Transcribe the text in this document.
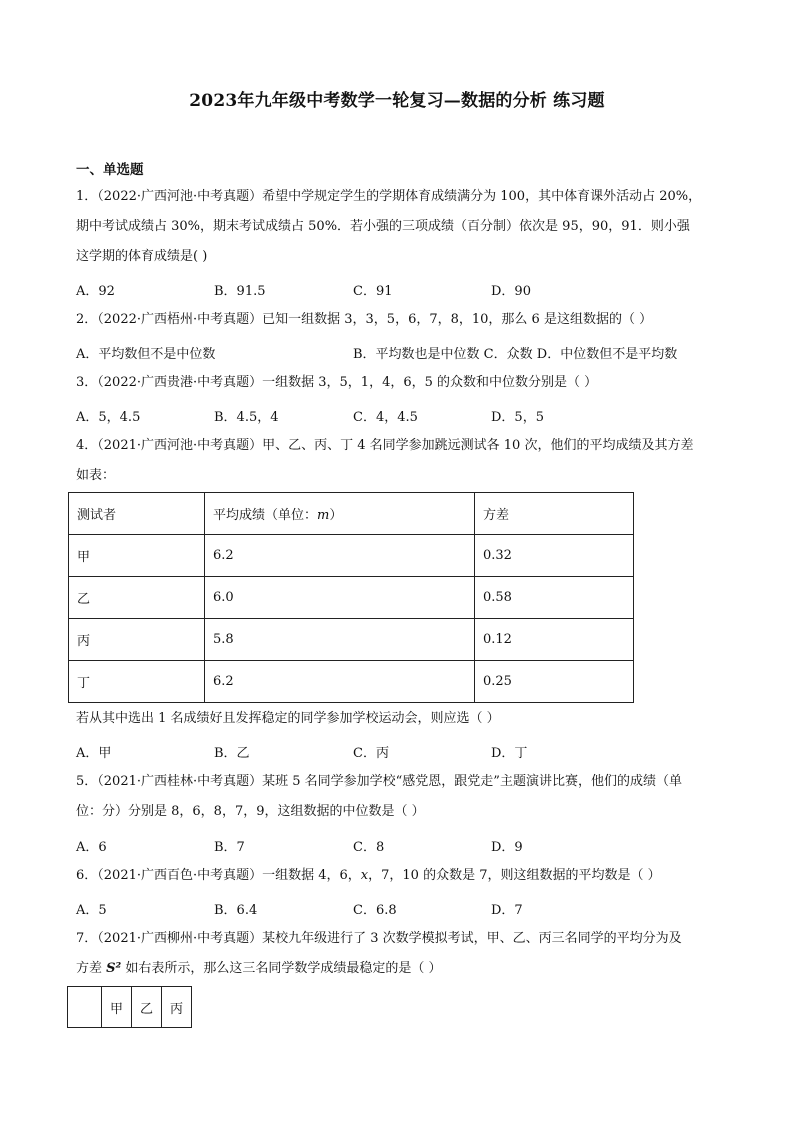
2023年九年级中考数学一轮复习—数据的分析 练习题
一、单选题
1．（2022·广西河池·中考真题）希望中学规定学生的学期体育成绩满分为 100，其中体育课外活动占 20%，
期中考试成绩占 30%，期末考试成绩占 50%．若小强的三项成绩（百分制）依次是 95，90，91．则小强
这学期的体育成绩是( )
A．92	B．91.5	C．91	D．90
2．（2022·广西梧州·中考真题）已知一组数据 3，3，5，6，7，8，10，那么 6 是这组数据的（ ）
A．平均数但不是中位数	B．平均数也是中位数 C．众数 D．中位数但不是平均数
3．（2022·广西贵港·中考真题）一组数据 3，5，1，4，6，5 的众数和中位数分别是（ ）
A．5，4.5	B．4.5，4	C．4，4.5	D．5，5
4．（2021·广西河池·中考真题）甲、乙、丙、丁 4 名同学参加跳远测试各 10 次，他们的平均成绩及其方差
如表：
测试者	平均成绩（单位：m）	方差
甲	6.2	0.32
乙	6.0	0.58
丙	5.8	0.12
丁	6.2	0.25
若从其中选出 1 名成绩好且发挥稳定的同学参加学校运动会，则应选（ ）
A．甲	B．乙	C．丙	D．丁
5．（2021·广西桂林·中考真题）某班 5 名同学参加学校“感党恩，跟党走”主题演讲比赛，他们的成绩（单
位：分）分别是 8，6，8，7，9，这组数据的中位数是（ ）
A．6	B．7	C．8	D．9
6．（2021·广西百色·中考真题）一组数据 4，6，x，7，10 的众数是 7，则这组数据的平均数是（ ）
A．5	B．6.4	C．6.8	D．7
7．（2021·广西柳州·中考真题）某校九年级进行了 3 次数学模拟考试，甲、乙、丙三名同学的平均分为及
方差 S² 如右表所示，那么这三名同学数学成绩最稳定的是（ ）
	甲	乙	丙
